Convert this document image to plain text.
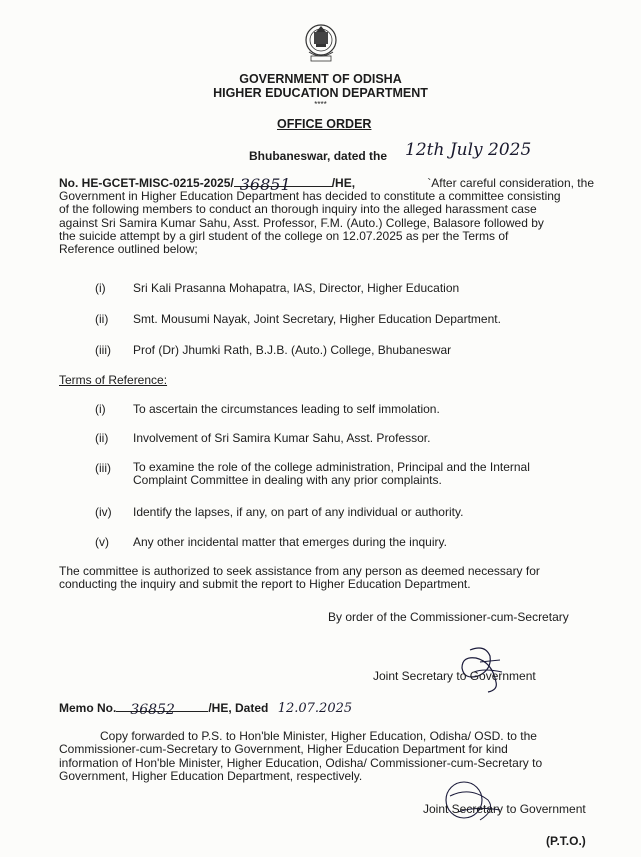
GOVERNMENT OF ODISHA
HIGHER EDUCATION DEPARTMENT
****
OFFICE ORDER
Bhubaneswar, dated the 12th July 2025
No. HE-GCET-MISC-0215-2025/ 36851	/HE,	`After careful consideration, the
Government in Higher Education Department has decided to constitute a committee consisting
of the following members to conduct an thorough inquiry into the alleged harassment case
against Sri Samira Kumar Sahu, Asst. Professor, F.M. (Auto.) College, Balasore followed by
the suicide attempt by a girl student of the college on 12.07.2025 as per the Terms of
Reference outlined below;
(i)	Sri Kali Prasanna Mohapatra, IAS, Director, Higher Education
(ii)	Smt. Mousumi Nayak, Joint Secretary, Higher Education Department.
(iii)	Prof (Dr) Jhumki Rath, B.J.B. (Auto.) College, Bhubaneswar
Terms of Reference:
(i)	To ascertain the circumstances leading to self immolation.
(ii)	Involvement of Sri Samira Kumar Sahu, Asst. Professor.
(iii)	To examine the role of the college administration, Principal and the Internal
Complaint Committee in dealing with any prior complaints.
(iv)	Identify the lapses, if any, on part of any individual or authority.
(v)	Any other incidental matter that emerges during the inquiry.
The committee is authorized to seek assistance from any person as deemed necessary for
conducting the inquiry and submit the report to Higher Education Department.
By order of the Commissioner-cum-Secretary
Joint Secretary to Government
Memo No. 36852	/HE, Dated 12.07.2025
Copy forwarded to P.S. to Hon'ble Minister, Higher Education, Odisha/ OSD. to the
Commissioner-cum-Secretary to Government, Higher Education Department for kind
information of Hon'ble Minister, Higher Education, Odisha/ Commissioner-cum-Secretary to
Government, Higher Education Department, respectively.
Joint Secretary to Government
(P.T.O.)
